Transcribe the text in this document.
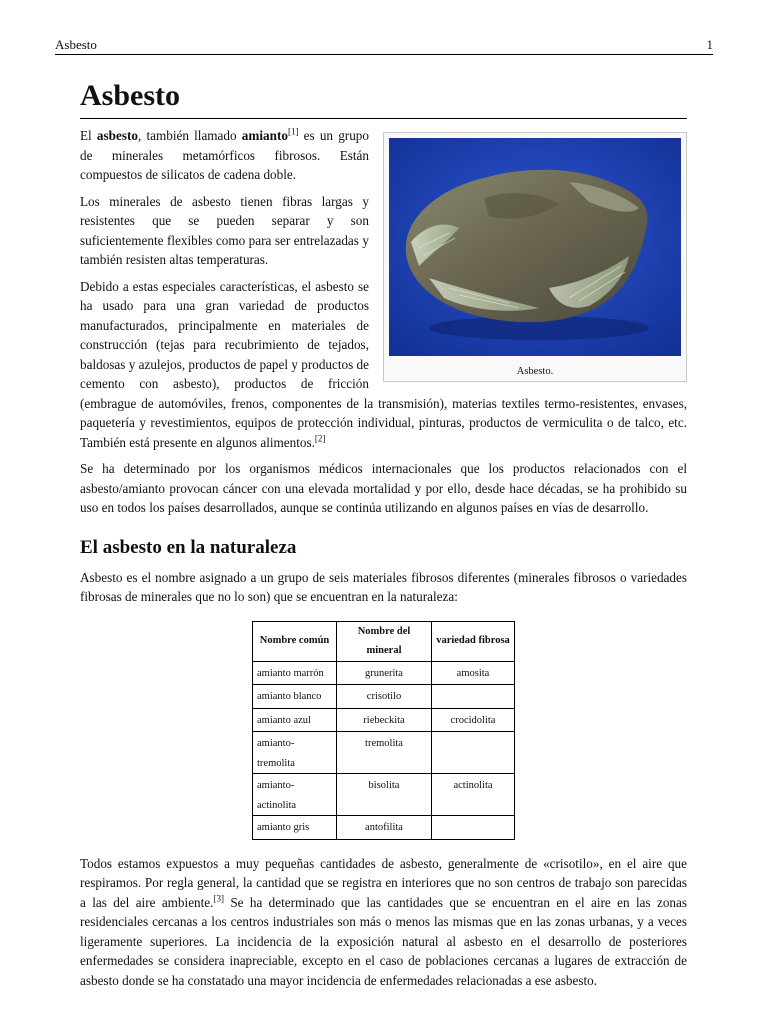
Asbesto	1
Asbesto
Asbesto.

El asbesto, también llamado amianto[1] es un grupo de minerales metamórficos fibrosos. Están compuestos de silicatos de cadena doble.

Los minerales de asbesto tienen fibras largas y resistentes que se pueden separar y son suficientemente flexibles como para ser entrelazadas y también resisten altas temperaturas.

Debido a estas especiales características, el asbesto se ha usado para una gran variedad de productos manufacturados, principalmente en materiales de construcción (tejas para recubrimiento de tejados, baldosas y azulejos, productos de papel y productos de cemento con asbesto), productos de fricción (embrague de automóviles, frenos, componentes de la transmisión), materias textiles termo-resistentes, envases, paquetería y revestimientos, equipos de protección individual, pinturas, productos de vermiculita o de talco, etc. También está presente en algunos alimentos.[2]

Se ha determinado por los organismos médicos internacionales que los productos relacionados con el asbesto/amianto provocan cáncer con una elevada mortalidad y por ello, desde hace décadas, se ha prohibido su uso en todos los países desarrollados, aunque se continúa utilizando en algunos países en vías de desarrollo.

El asbesto en la naturaleza

Asbesto es el nombre asignado a un grupo de seis materiales fibrosos diferentes (minerales fibrosos o variedades fibrosas de minerales que no lo son) que se encuentran en la naturaleza:

Nombre común	Nombre del mineral	variedad fibrosa
amianto marrón	grunerita	amosita
amianto blanco	crisotilo	
amianto azul	riebeckita	crocidolita
amianto-tremolita	tremolita	
amianto-actinolita	bisolita	actinolita
amianto gris	antofilita	

Todos estamos expuestos a muy pequeñas cantidades de asbesto, generalmente de «crisotilo», en el aire que respiramos. Por regla general, la cantidad que se registra en interiores que no son centros de trabajo son parecidas a las del aire ambiente.[3] Se ha determinado que las cantidades que se encuentran en el aire en las zonas residenciales cercanas a los centros industriales son más o menos las mismas que en las zonas urbanas, y a veces ligeramente superiores. La incidencia de la exposición natural al asbesto en el desarrollo de posteriores enfermedades se considera inapreciable, excepto en el caso de poblaciones cercanas a lugares de extracción de asbesto donde se ha constatado una mayor incidencia de enfermedades relacionadas a ese asbesto.
